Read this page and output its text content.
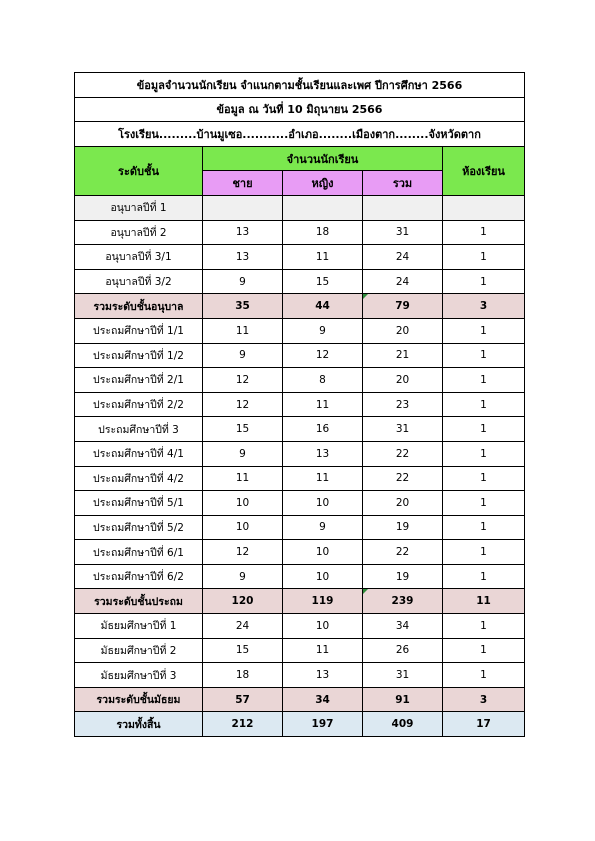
ข้อมูลจำนวนนักเรียน จำแนกตามชั้นเรียนและเพศ ปีการศึกษา 2566				
ข้อมูล ณ วันที่ 10 มิถุนายน 2566				
โรงเรียน.........บ้านมูเซอ...........อำเภอ........เมืองตาก........จังหวัดตาก				
ระดับชั้น	จำนวนนักเรียน			ห้องเรียน
	ชาย	หญิง	รวม	
อนุบาลปีที่ 1				
อนุบาลปีที่ 2	13	18	31	1
อนุบาลปีที่ 3/1	13	11	24	1
อนุบาลปีที่ 3/2	9	15	24	1
รวมระดับชั้นอนุบาล	35	44	79	3
ประถมศึกษาปีที่ 1/1	11	9	20	1
ประถมศึกษาปีที่ 1/2	9	12	21	1
ประถมศึกษาปีที่ 2/1	12	8	20	1
ประถมศึกษาปีที่ 2/2	12	11	23	1
ประถมศึกษาปีที่ 3	15	16	31	1
ประถมศึกษาปีที่ 4/1	9	13	22	1
ประถมศึกษาปีที่ 4/2	11	11	22	1
ประถมศึกษาปีที่ 5/1	10	10	20	1
ประถมศึกษาปีที่ 5/2	10	9	19	1
ประถมศึกษาปีที่ 6/1	12	10	22	1
ประถมศึกษาปีที่ 6/2	9	10	19	1
รวมระดับชั้นประถม	120	119	239	11
มัธยมศึกษาปีที่ 1	24	10	34	1
มัธยมศึกษาปีที่ 2	15	11	26	1
มัธยมศึกษาปีที่ 3	18	13	31	1
รวมระดับชั้นมัธยม	57	34	91	3
รวมทั้งสิ้น	212	197	409	17
